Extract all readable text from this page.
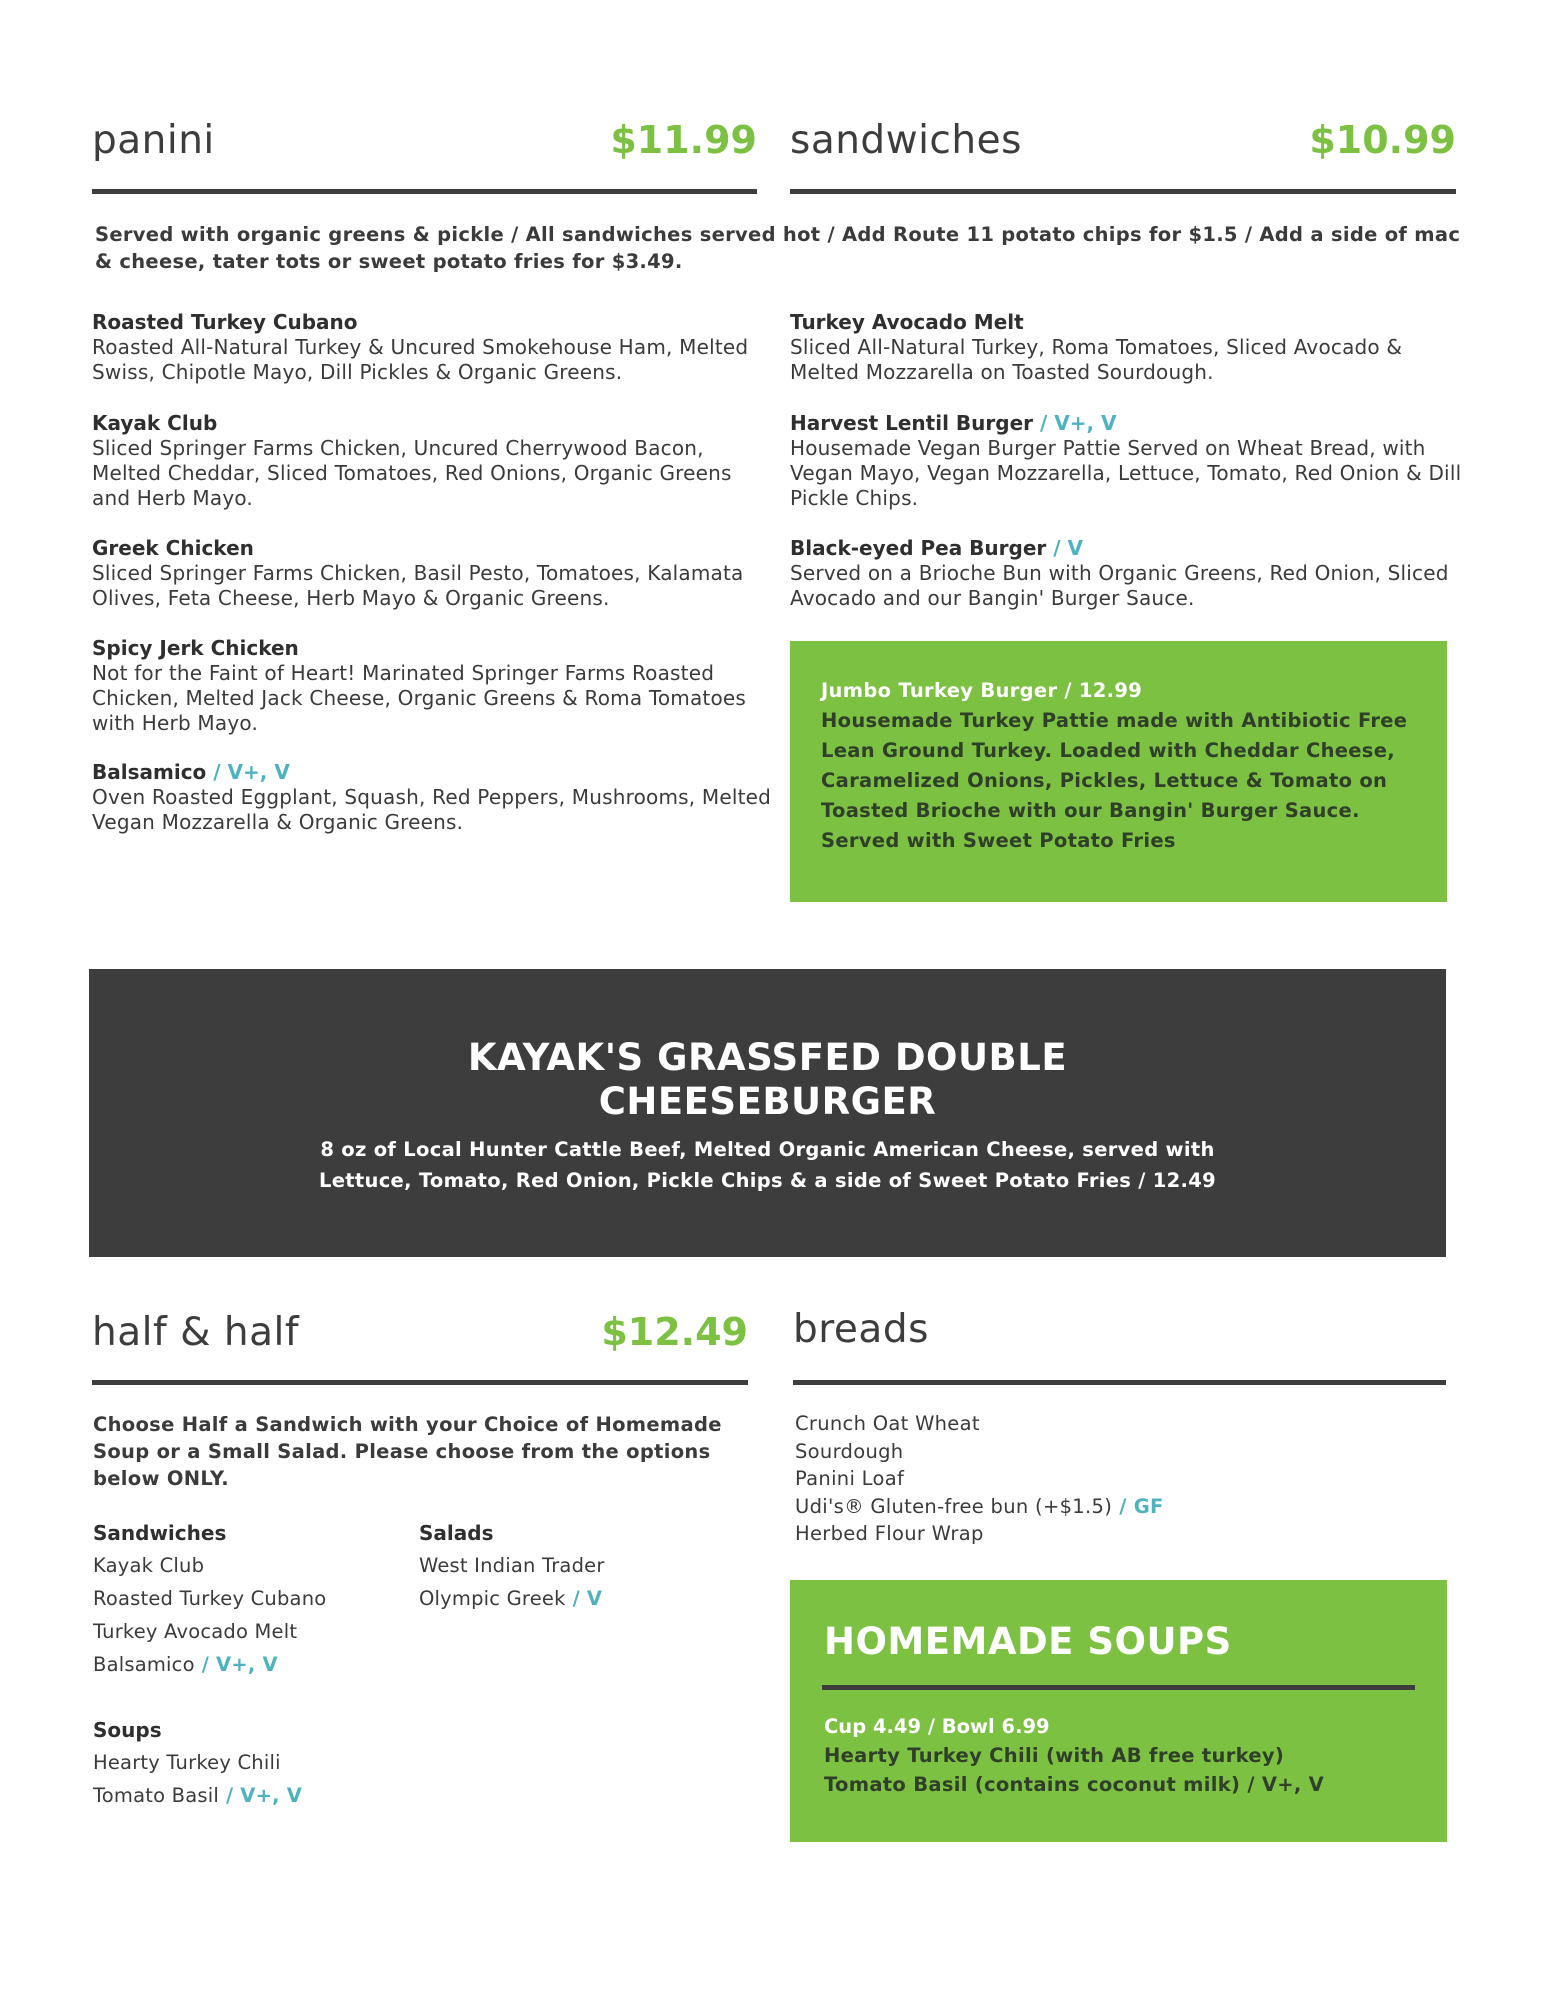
panini	$11.99 sandwiches	$10.99
Served with organic greens & pickle / All sandwiches served hot / Add Route 11 potato chips for $1.5 / Add a side of mac & cheese, tater tots or sweet potato fries for $3.49.
Roasted Turkey Cubano
Roasted All-Natural Turkey & Uncured Smokehouse Ham, Melted Swiss, Chipotle Mayo, Dill Pickles & Organic Greens.
Kayak Club
Sliced Springer Farms Chicken, Uncured Cherrywood Bacon, Melted Cheddar, Sliced Tomatoes, Red Onions, Organic Greens and Herb Mayo.
Greek Chicken
Sliced Springer Farms Chicken, Basil Pesto, Tomatoes, Kalamata Olives, Feta Cheese, Herb Mayo & Organic Greens.
Spicy Jerk Chicken
Not for the Faint of Heart! Marinated Springer Farms Roasted Chicken, Melted Jack Cheese, Organic Greens & Roma Tomatoes with Herb Mayo.
Balsamico / V+, V
Oven Roasted Eggplant, Squash, Red Peppers, Mushrooms, Melted Vegan Mozzarella & Organic Greens.
Turkey Avocado Melt
Sliced All-Natural Turkey, Roma Tomatoes, Sliced Avocado & Melted Mozzarella on Toasted Sourdough.
Harvest Lentil Burger / V+, V
Housemade Vegan Burger Pattie Served on Wheat Bread, with Vegan Mayo, Vegan Mozzarella, Lettuce, Tomato, Red Onion & Dill Pickle Chips.
Black-eyed Pea Burger / V
Served on a Brioche Bun with Organic Greens, Red Onion, Sliced Avocado and our Bangin' Burger Sauce.
Jumbo Turkey Burger / 12.99
Housemade Turkey Pattie made with Antibiotic Free Lean Ground Turkey. Loaded with Cheddar Cheese, Caramelized Onions, Pickles, Lettuce & Tomato on Toasted Brioche with our Bangin' Burger Sauce. Served with Sweet Potato Fries
KAYAK'S GRASSFED DOUBLE
CHEESEBURGER
8 oz of Local Hunter Cattle Beef, Melted Organic American Cheese, served with
Lettuce, Tomato, Red Onion, Pickle Chips & a side of Sweet Potato Fries / 12.49
half & half	$12.49
Choose Half a Sandwich with your Choice of Homemade Soup or a Small Salad. Please choose from the options below ONLY.
Sandwiches
Kayak Club
Roasted Turkey Cubano
Turkey Avocado Melt
Balsamico / V+, V
Salads
West Indian Trader
Olympic Greek / V
Soups
Hearty Turkey Chili
Tomato Basil / V+, V
breads
Crunch Oat Wheat
Sourdough
Panini Loaf
Udi's® Gluten-free bun (+$1.5) / GF
Herbed Flour Wrap
HOMEMADE SOUPS
Cup 4.49 / Bowl 6.99
Hearty Turkey Chili (with AB free turkey)
Tomato Basil (contains coconut milk) / V+, V
